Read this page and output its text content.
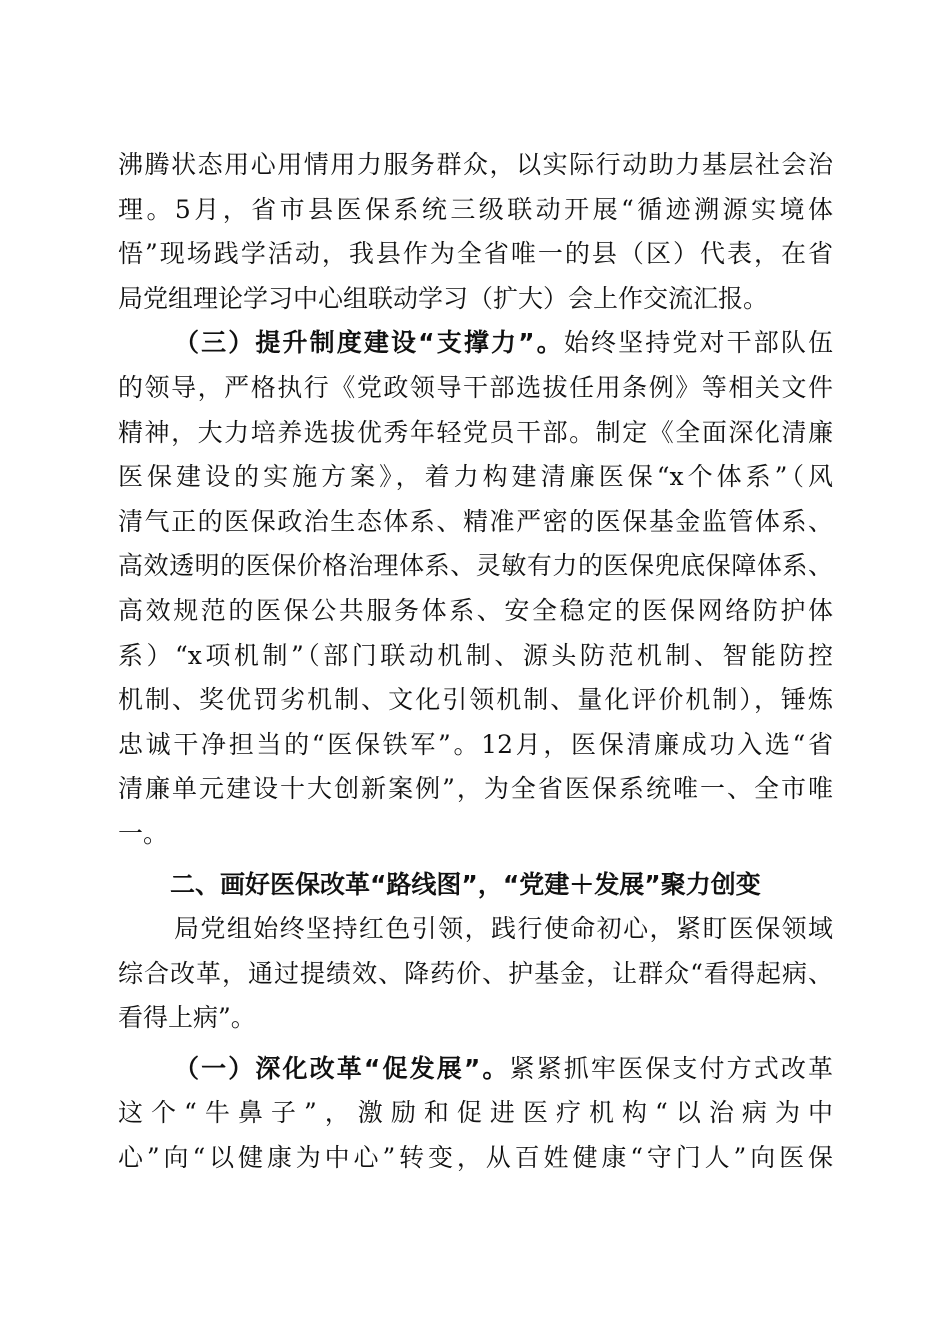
沸腾状态用心用情用力服务群众，以实际行动助力基层社会治
理。5月，省市县医保系统三级联动开展“循迹溯源实境体
悟”现场践学活动，我县作为全省唯一的县（区）代表，在省
局党组理论学习中心组联动学习（扩大）会上作交流汇报。
（三）提升制度建设“支撑力”。始终坚持党对干部队伍
的领导，严格执行《党政领导干部选拔任用条例》等相关文件
精神，大力培养选拔优秀年轻党员干部。制定《全面深化清廉
医保建设的实施方案》，着力构建清廉医保“x个体系”（风
清气正的医保政治生态体系、精准严密的医保基金监管体系、
高效透明的医保价格治理体系、灵敏有力的医保兜底保障体系、
高效规范的医保公共服务体系、安全稳定的医保网络防护体
系）“x项机制”（部门联动机制、源头防范机制、智能防控
机制、奖优罚劣机制、文化引领机制、量化评价机制），锤炼
忠诚干净担当的“医保铁军”。12月，医保清廉成功入选“省
清廉单元建设十大创新案例”，为全省医保系统唯一、全市唯
一。
二、画好医保改革“路线图”，“党建＋发展”聚力创变
局党组始终坚持红色引领，践行使命初心，紧盯医保领域
综合改革，通过提绩效、降药价、护基金，让群众“看得起病、
看得上病”。
（一）深化改革“促发展”。紧紧抓牢医保支付方式改革
这个“牛鼻子”，激励和促进医疗机构“以治病为中
心”向“以健康为中心”转变，从百姓健康“守门人”向医保
